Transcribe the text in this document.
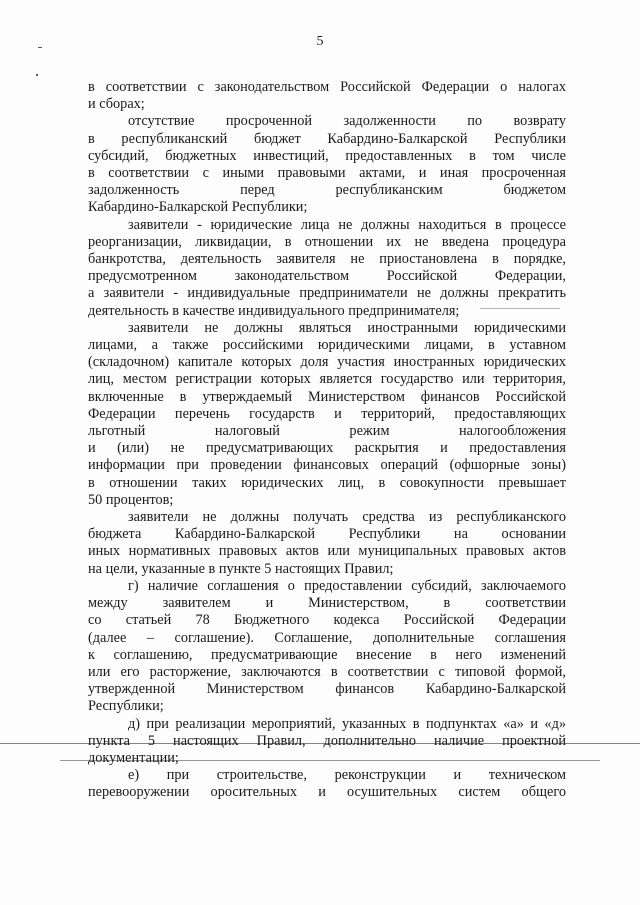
5
в соответствии с законодательством Российской Федерации о налогах
и сборах;
отсутствие просроченной задолженности по возврату
в республиканский бюджет Кабардино-Балкарской Республики
субсидий, бюджетных инвестиций, предоставленных в том числе
в соответствии с иными правовыми актами, и иная просроченная
задолженность перед республиканским бюджетом
Кабардино-Балкарской Республики;
заявители - юридические лица не должны находиться в процессе
реорганизации, ликвидации, в отношении их не введена процедура
банкротства, деятельность заявителя не приостановлена в порядке,
предусмотренном законодательством Российской Федерации,
а заявители - индивидуальные предприниматели не должны прекратить
деятельность в качестве индивидуального предпринимателя;
заявители не должны являться иностранными юридическими
лицами, а также российскими юридическими лицами, в уставном
(складочном) капитале которых доля участия иностранных юридических
лиц, местом регистрации которых является государство или территория,
включенные в утверждаемый Министерством финансов Российской
Федерации перечень государств и территорий, предоставляющих
льготный налоговый режим налогообложения
и (или) не предусматривающих раскрытия и предоставления
информации при проведении финансовых операций (офшорные зоны)
в отношении таких юридических лиц, в совокупности превышает
50 процентов;
заявители не должны получать средства из республиканского
бюджета Кабардино-Балкарской Республики на основании
иных нормативных правовых актов или муниципальных правовых актов
на цели, указанные в пункте 5 настоящих Правил;
г) наличие соглашения о предоставлении субсидий, заключаемого
между заявителем и Министерством, в соответствии
со статьей 78 Бюджетного кодекса Российской Федерации
(далее – соглашение). Соглашение, дополнительные соглашения
к соглашению, предусматривающие внесение в него изменений
или его расторжение, заключаются в соответствии с типовой формой,
утвержденной Министерством финансов Кабардино-Балкарской
Республики;
д) при реализации мероприятий, указанных в подпунктах «а» и «д»
пункта 5 настоящих Правил, дополнительно наличие проектной
документации;
е) при строительстве, реконструкции и техническом
перевооружении оросительных и осушительных систем общего
